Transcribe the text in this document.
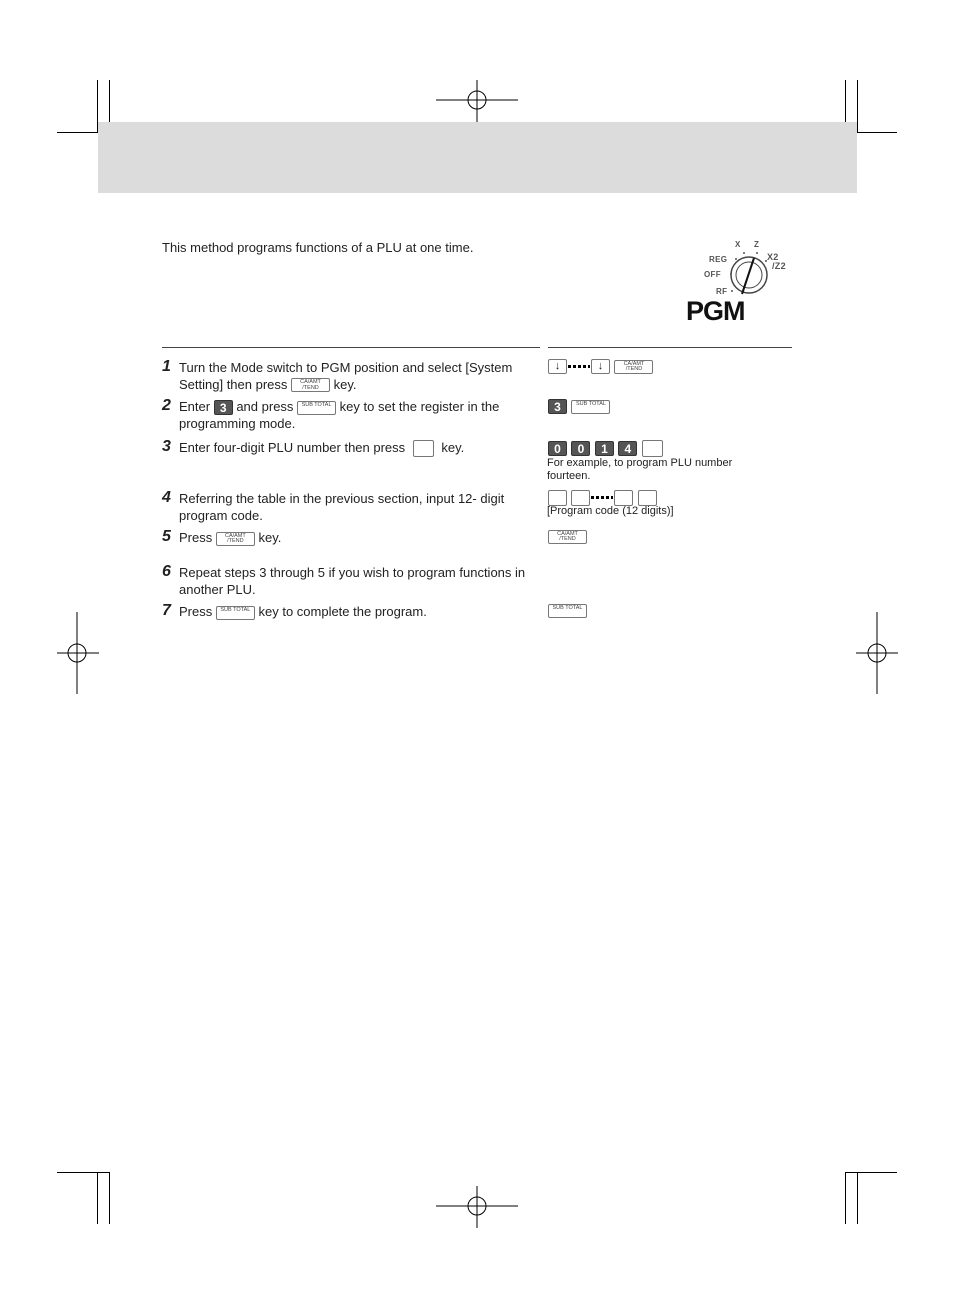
This method programs functions of a PLU at one time.	X Z
REG
OFF
RF
X2
/Z2
PGM
1 Turn the Mode switch to PGM position and select [System Setting] then press CA/AMT /TEND key.
2 Enter 3 and press SUB TOTAL key to set the register in the programming mode.
3 Enter four-digit PLU number then press	key.
4 Referring the table in the previous section, input 12- digit program code.
5 Press CA/AMT /TEND key.
6 Repeat steps 3 through 5 if you wish to program functions in another PLU.
7 Press SUB TOTAL key to complete the program.
↓	↓	CA/AMT /TEND
3	SUB TOTAL
0 0 1 4
For example, to program PLU number fourteen.

[Program code (12 digits)]
CA/AMT /TEND
SUB TOTAL
